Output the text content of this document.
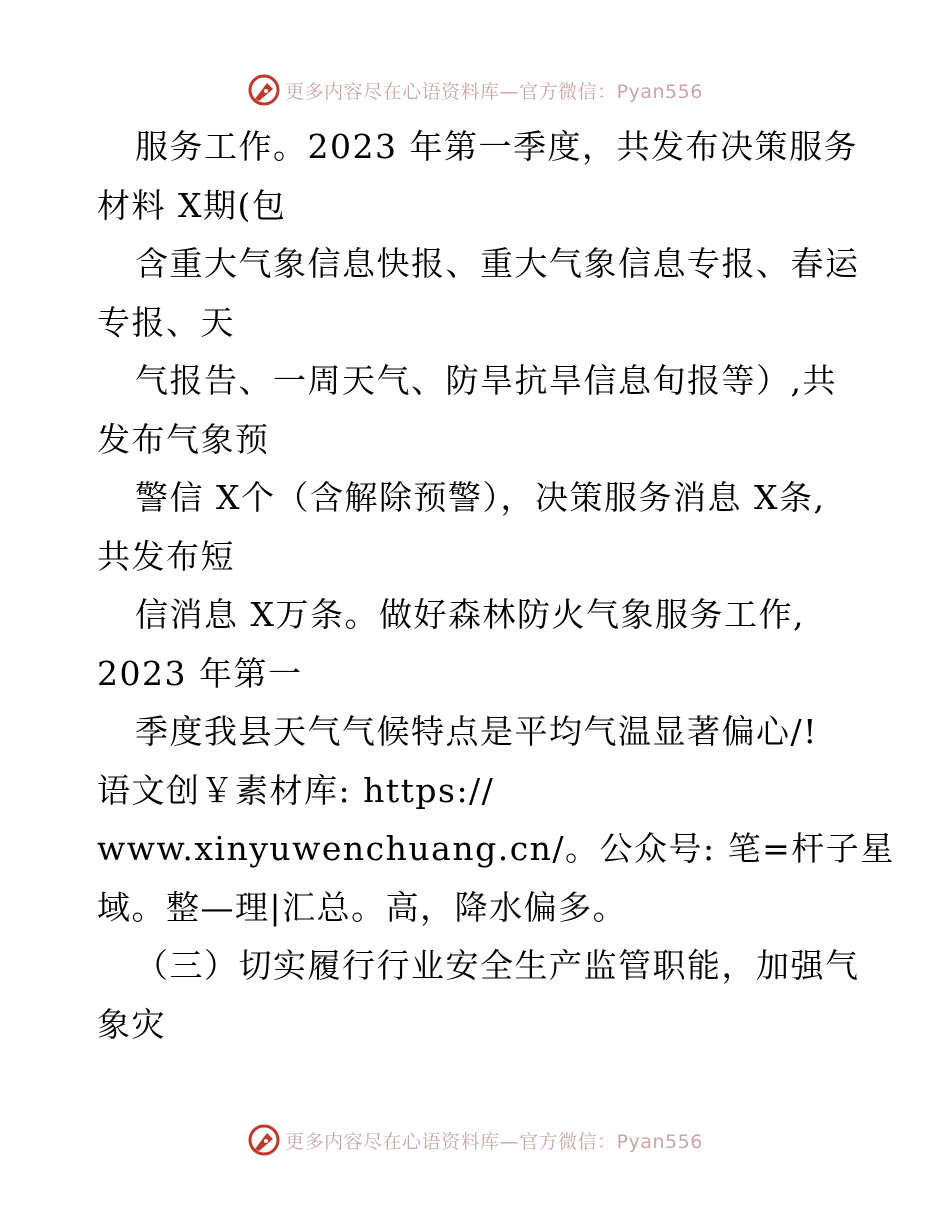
更多内容尽在心语资料库—官方微信：Pyan556
服务工作。2023 年第一季度，共发布决策服务
材料 X期(包
含重大气象信息快报、重大气象信息专报、春运
专报、天
气报告、一周天气、防旱抗旱信息旬报等）,共
发布气象预
警信 X个（含解除预警），决策服务消息 X条,
共发布短
信消息 X万条。做好森林防火气象服务工作,
2023 年第一
季度我县天气气候特点是平均气温显著偏心/!
语文创￥素材库: https://
www.xinyuwenchuang.cn/。公众号: 笔=杆子星
域。整—理|汇总。高，降水偏多。
（三）切实履行行业安全生产监管职能，加强气
象灾
更多内容尽在心语资料库—官方微信：Pyan556
